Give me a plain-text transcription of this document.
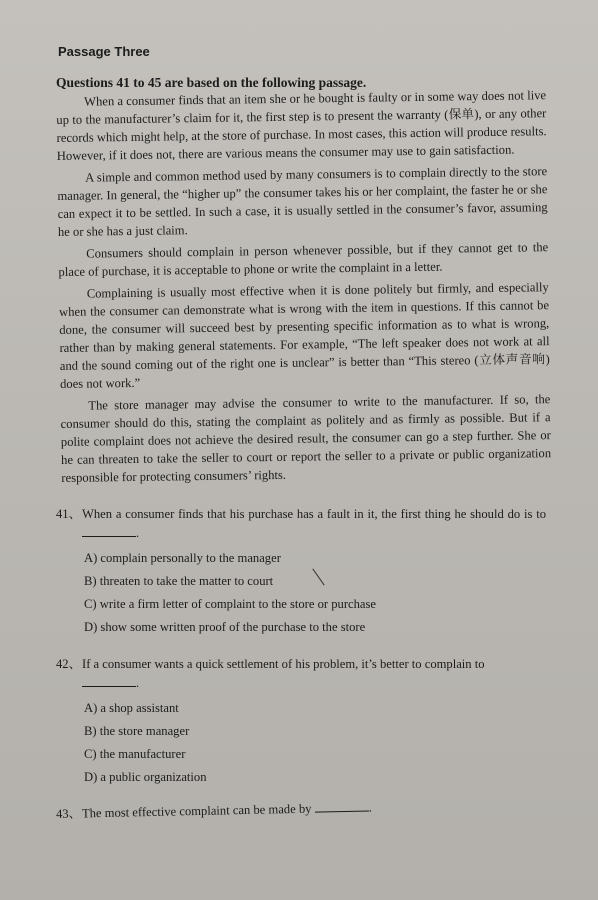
Passage Three
Questions 41 to 45 are based on the following passage.

When a consumer finds that an item she or he bought is faulty or in some way does not live up to the manufacturer’s claim for it, the first step is to present the warranty (保单), or any other records which might help, at the store of purchase. In most cases, this action will produce results. However, if it does not, there are various means the consumer may use to gain satisfaction.

A simple and common method used by many consumers is to complain directly to the store manager. In general, the “higher up” the consumer takes his or her complaint, the faster he or she can expect it to be settled. In such a case, it is usually settled in the consumer’s favor, assuming he or she has a just claim.

Consumers should complain in person whenever possible, but if they cannot get to the place of purchase, it is acceptable to phone or write the complaint in a letter.

Complaining is usually most effective when it is done politely but firmly, and especially when the consumer can demonstrate what is wrong with the item in questions. If this cannot be done, the consumer will succeed best by presenting specific information as to what is wrong, rather than by making general statements. For example, “The left speaker does not work at all and the sound coming out of the right one is unclear” is better than “This stereo (立体声音响) does not work.”

The store manager may advise the consumer to write to the manufacturer. If so, the consumer should do this, stating the complaint as politely and as firmly as possible. But if a polite complaint does not achieve the desired result, the consumer can go a step further. She or he can threaten to take the seller to court or report the seller to a private or public organization responsible for protecting consumers’ rights.

41、 When a consumer finds that his purchase has a fault in it, the first thing he should do is to .
A) complain personally to the manager
B) threaten to take the matter to court
C) write a firm letter of complaint to the store or purchase
D) show some written proof of the purchase to the store
42、 If a consumer wants a quick settlement of his problem, it’s better to complain to
.
A) a shop assistant
B) the store manager
C) the manufacturer
D) a public organization
43、 The most effective complaint can be made by	.
